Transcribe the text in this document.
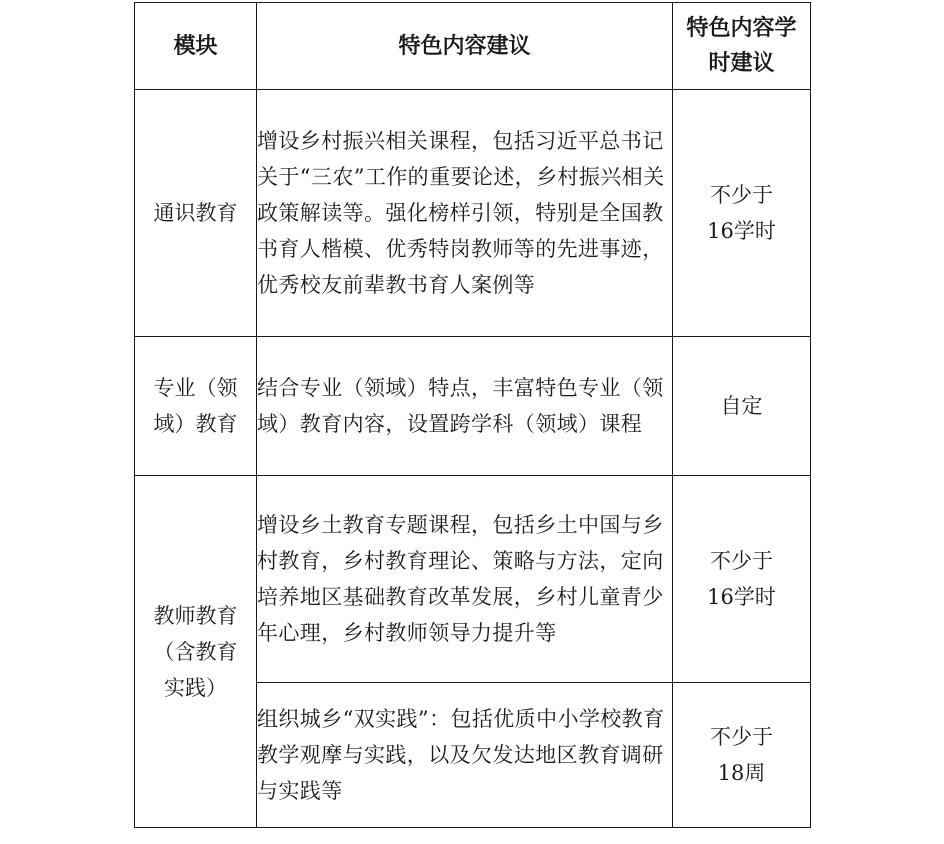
模块	特色内容建议	特色内容学
时建议

通识教育	增设乡村振兴相关课程，包括习近平总书记关于“三农”工作的重要论述，乡村振兴相关政策解读等。强化榜样引领，特别是全国教书育人楷模、优秀特岗教师等的先进事迹，优秀校友前辈教书育人案例等	不少于
16学时

专业（领
域）教育	结合专业（领域）特点，丰富特色专业（领域）教育内容，设置跨学科（领域）课程	自定

教师教育
（含教育
实践）	增设乡土教育专题课程，包括乡土中国与乡村教育，乡村教育理论、策略与方法，定向培养地区基础教育改革发展，乡村儿童青少年心理，乡村教师领导力提升等	不少于
16学时

	组织城乡“双实践”：包括优质中小学校教育教学观摩与实践，以及欠发达地区教育调研与实践等	不少于
18周
